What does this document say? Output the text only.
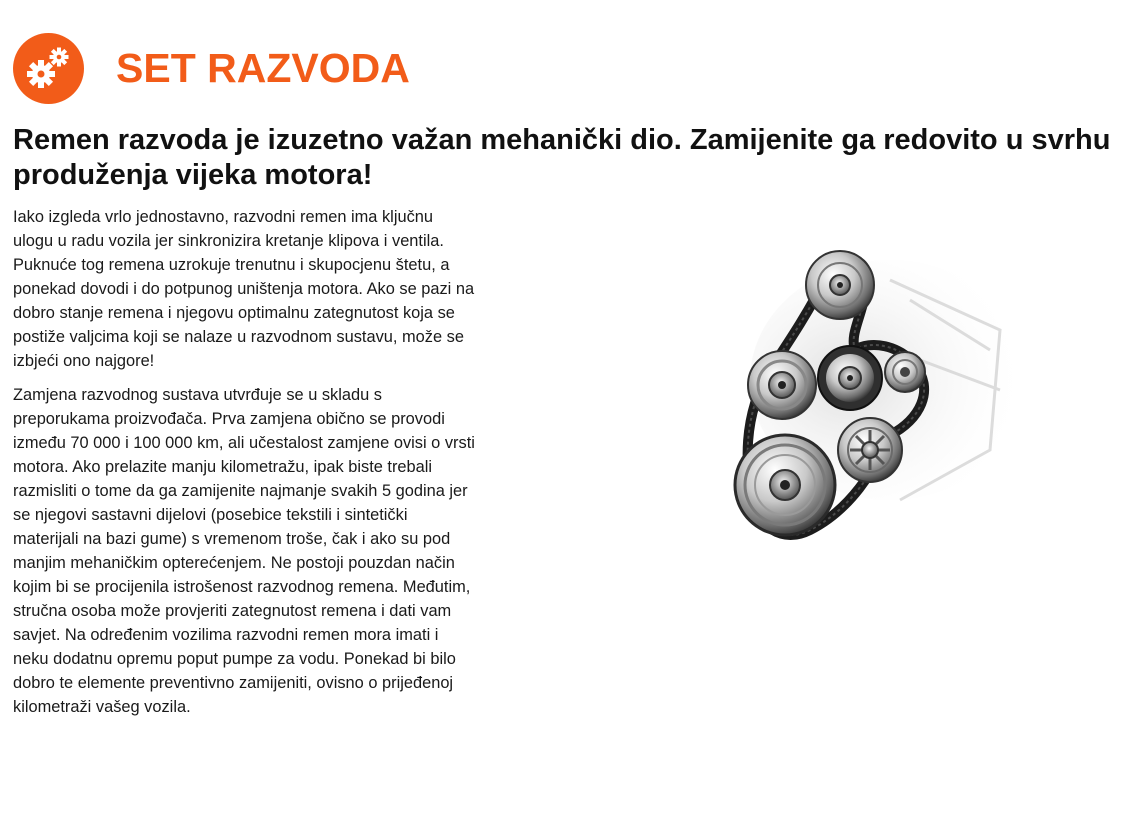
SET RAZVODA
Remen razvoda je izuzetno važan mehanički dio. Zamijenite ga redovito u svrhu produženja vijeka motora!

Iako izgleda vrlo jednostavno, razvodni remen ima ključnu ulogu u radu vozila jer sinkronizira kretanje klipova i ventila. Puknuće tog remena uzrokuje trenutnu i skupocjenu štetu, a ponekad dovodi i do potpunog uništenja motora. Ako se pazi na dobro stanje remena i njegovu optimalnu zategnutost koja se postiže valjcima koji se nalaze u razvodnom sustavu, može se izbjeći ono najgore!

Zamjena razvodnog sustava utvrđuje se u skladu s preporukama proizvođača. Prva zamjena obično se provodi između 70 000 i 100 000 km, ali učestalost zamjene ovisi o vrsti motora. Ako prelazite manju kilometražu, ipak biste trebali razmisliti o tome da ga zamijenite najmanje svakih 5 godina jer se njegovi sastavni dijelovi (posebice tekstili i sintetički materijali na bazi gume) s vremenom troše, čak i ako su pod manjim mehaničkim opterećenjem. Ne postoji pouzdan način kojim bi se procijenila istrošenost razvodnog remena. Međutim, stručna osoba može provjeriti zategnutost remena i dati vam savjet. Na određenim vozilima razvodni remen mora imati i neku dodatnu opremu poput pumpe za vodu. Ponekad bi bilo dobro te elemente preventivno zamijeniti, ovisno o prijeđenoj kilometraži vašeg vozila.
